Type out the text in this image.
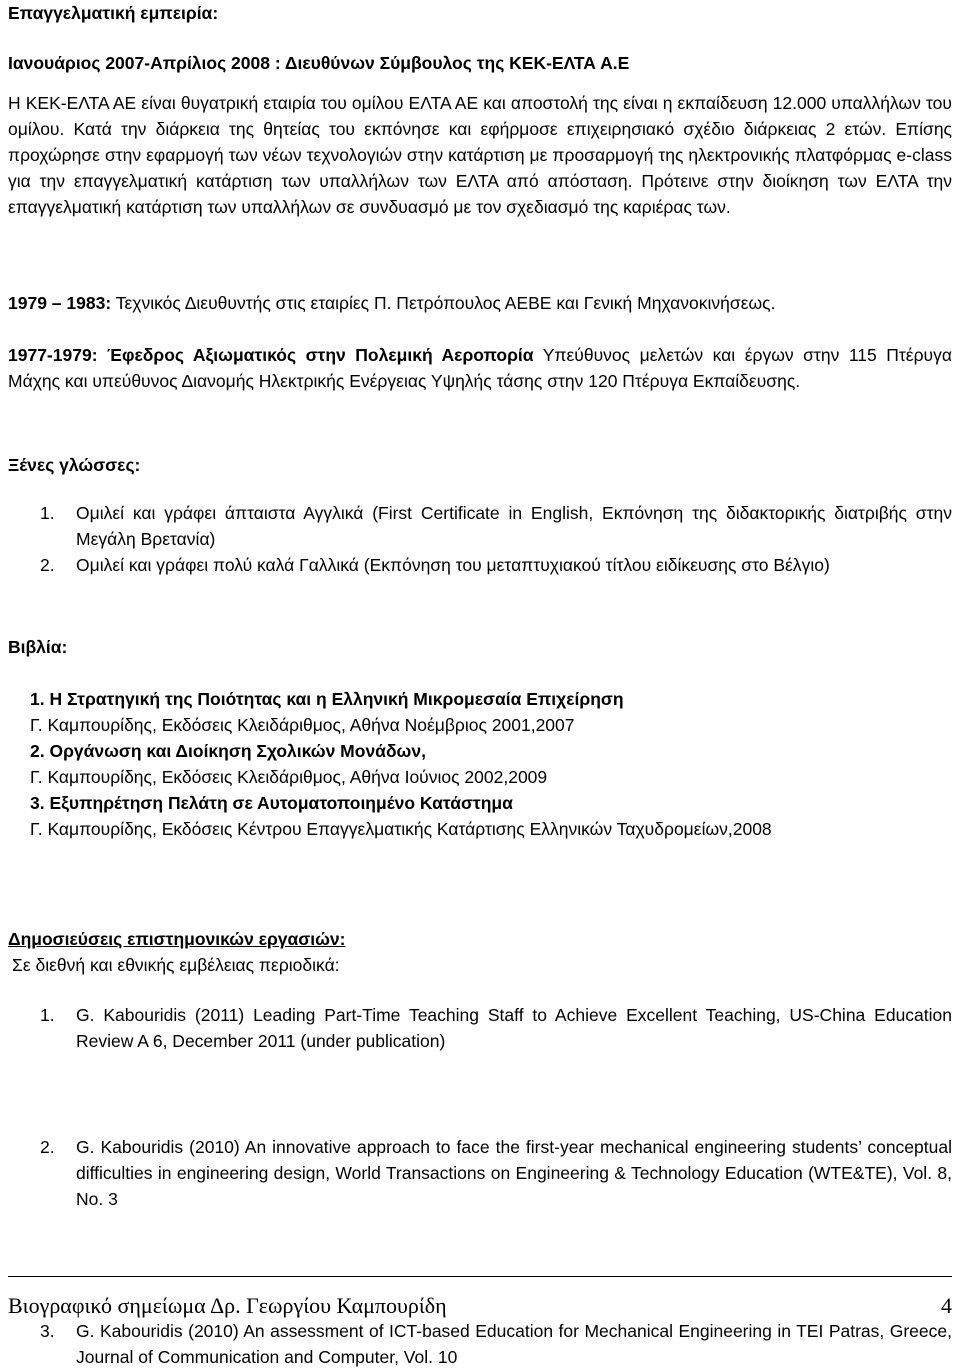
Επαγγελματική εμπειρία:
Ιανουάριος 2007-Απρίλιος 2008 : Διευθύνων Σύμβουλος της ΚΕΚ-ΕΛΤΑ Α.Ε

Η ΚΕΚ-ΕΛΤΑ ΑΕ είναι θυγατρική εταιρία του ομίλου ΕΛΤΑ ΑΕ και αποστολή της είναι η εκπαίδευση 12.000 υπαλλήλων του ομίλου. Κατά την διάρκεια της θητείας του εκπόνησε και εφήρμοσε επιχειρησιακό σχέδιο διάρκειας 2 ετών. Επίσης προχώρησε στην εφαρμογή των νέων τεχνολογιών στην κατάρτιση με προσαρμογή της ηλεκτρονικής πλατφόρμας e-class για την επαγγελματική κατάρτιση των υπαλλήλων των ΕΛΤΑ από απόσταση. Πρότεινε στην διοίκηση των ΕΛΤΑ την επαγγελματική κατάρτιση των υπαλλήλων σε συνδυασμό με τον σχεδιασμό της καριέρας των.

1979 – 1983: Τεχνικός Διευθυντής στις εταιρίες Π. Πετρόπουλος ΑΕΒΕ και Γενική Μηχανοκινήσεως.

1977-1979: Έφεδρος Αξιωματικός στην Πολεμική Αεροπορία Υπεύθυνος μελετών και έργων στην 115 Πτέρυγα Μάχης και υπεύθυνος Διανομής Ηλεκτρικής Ενέργειας Υψηλής τάσης στην 120 Πτέρυγα Εκπαίδευσης.

Ξένες γλώσσες:
1. Ομιλεί και γράφει άπταιστα Αγγλικά (First Certificate in English, Εκπόνηση της διδακτορικής διατριβής στην Μεγάλη Βρετανία)
2. Ομιλεί και γράφει πολύ καλά Γαλλικά (Εκπόνηση του μεταπτυχιακού τίτλου ειδίκευσης στο Βέλγιο)
Βιβλία:
1. Η Στρατηγική της Ποιότητας και η Ελληνική Μικρομεσαία Επιχείρηση
Γ. Καμπουρίδης, Εκδόσεις Κλειδάριθμος, Αθήνα Νοέμβριος 2001,2007
2. Οργάνωση και Διοίκηση Σχολικών Μονάδων,
Γ. Καμπουρίδης, Εκδόσεις Κλειδάριθμος, Αθήνα Ιούνιος 2002,2009
3. Εξυπηρέτηση Πελάτη σε Αυτοματοποιημένο Κατάστημα
Γ. Καμπουρίδης, Εκδόσεις Κέντρου Επαγγελματικής Κατάρτισης Ελληνικών Ταχυδρομείων,2008
Δημοσιεύσεις επιστημονικών εργασιών:
Σε διεθνή και εθνικής εμβέλειας περιοδικά:
1. G. Kabouridis (2011) Leading Part-Time Teaching Staff to Achieve Excellent Teaching, US-China Education Review A 6, December 2011 (under publication)
2. G. Kabouridis (2010) An innovative approach to face the first-year mechanical engineering students’ conceptual difficulties in engineering design, World Transactions on Engineering & Technology Education (WTE&TE), Vol. 8, No. 3
3. G. Kabouridis (2010) An assessment of ICT-based Education for Mechanical Engineering in TEI Patras, Greece, Journal of Communication and Computer, Vol. 10
Βιογραφικό σημείωμα Δρ. Γεωργίου Καμπουρίδη	4
